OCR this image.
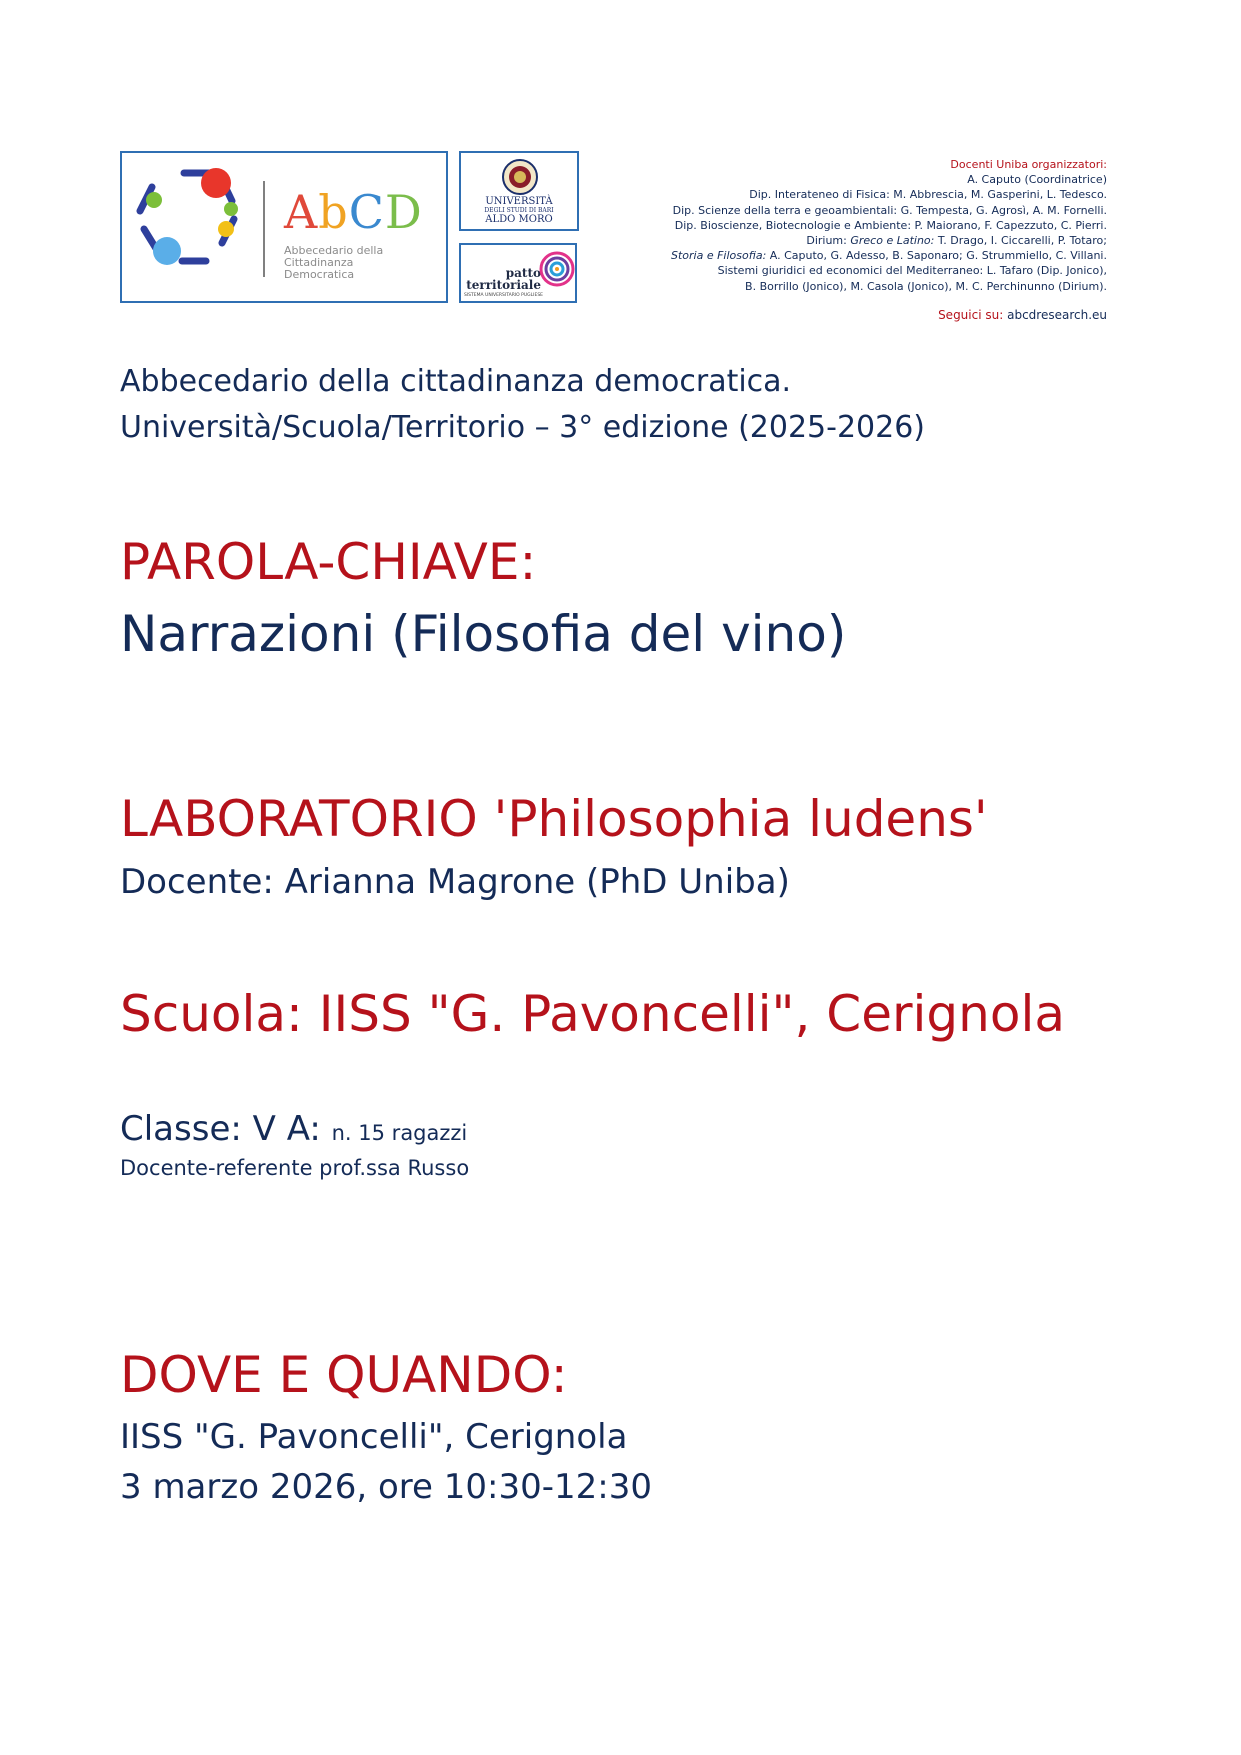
AbCD
Abbecedario della
Cittadinanza
Democratica
UNIVERSITÀ
DEGLI STUDI DI BARI
ALDO MORO
patto
territoriale
SISTEMA UNIVERSITARIO PUGLIESE
Docenti Uniba organizzatori:
A. Caputo (Coordinatrice)
Dip. Interateneo di Fisica: M. Abbrescia, M. Gasperini, L. Tedesco.
Dip. Scienze della terra e geoambientali: G. Tempesta, G. Agrosì, A. M. Fornelli.
Dip. Bioscienze, Biotecnologie e Ambiente: P. Maiorano, F. Capezzuto, C. Pierri.
Dirium: Greco e Latino: T. Drago, I. Ciccarelli, P. Totaro;
Storia e Filosofia: A. Caputo, G. Adesso, B. Saponaro; G. Strummiello, C. Villani.
Sistemi giuridici ed economici del Mediterraneo: L. Tafaro (Dip. Jonico),
B. Borrillo (Jonico), M. Casola (Jonico), M. C. Perchinunno (Dirium).
Seguici su: abcdresearch.eu
Abbecedario della cittadinanza democratica.
Università/Scuola/Territorio – 3° edizione (2025-2026)
PAROLA-CHIAVE:
Narrazioni (Filosofia del vino)
LABORATORIO 'Philosophia ludens'
Docente: Arianna Magrone (PhD Uniba)
Scuola: IISS "G. Pavoncelli", Cerignola
Classe: V A: n. 15 ragazzi
Docente-referente prof.ssa Russo
DOVE E QUANDO:
IISS "G. Pavoncelli", Cerignola
3 marzo 2026, ore 10:30-12:30
